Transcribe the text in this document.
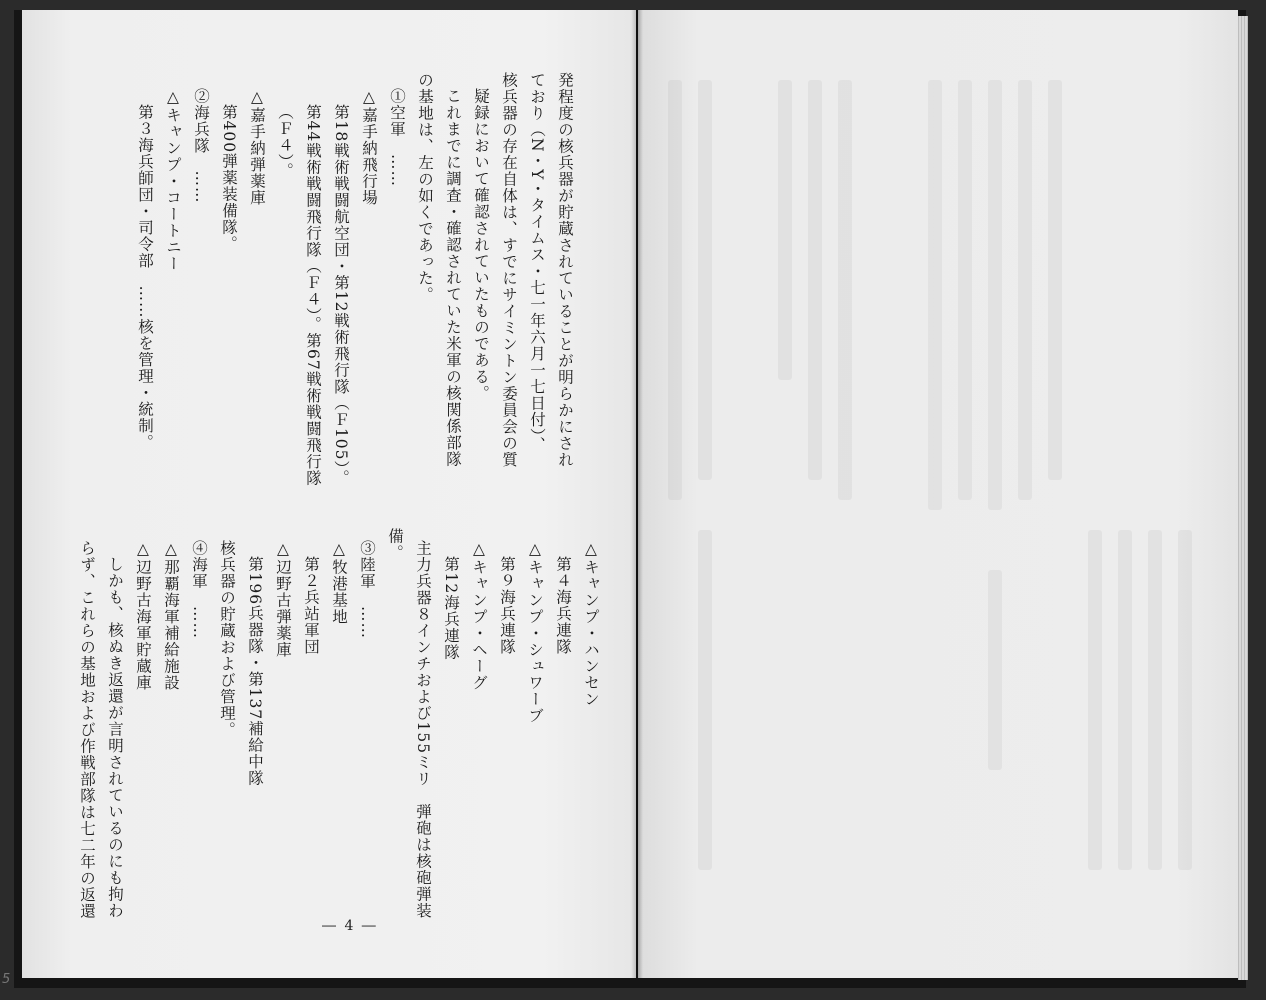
発程度の核兵器が貯蔵されていることが明らかにされ
ており（N・Y・タイムス・七一年六月一七日付）、
核兵器の存在自体は、すでにサイミントン委員会の質
疑録において確認されていたものである。
これまでに調査・確認されていた米軍の核関係部隊
の基地は、左の如くであった。
①空軍　……
△嘉手納飛行場
第18戦術戦闘航空団・第12戦術飛行隊（Ｆ105）。
第44戦術戦闘飛行隊（Ｆ４）。第67戦術戦闘飛行隊
（Ｆ４）。
△嘉手納弾薬庫
第400弾薬装備隊。
②海兵隊　……
△キャンプ・コートニー
第３海兵師団・司令部　……核を管理・統制。
△キャンプ・ハンセン
第４海兵連隊
△キャンプ・シュワーブ
第９海兵連隊
△キャンプ・ヘーグ
第12海兵連隊
主力兵器８インチおよび155ミリ　弾砲は核砲弾装
備。
③陸軍　……
△牧港基地
第２兵站軍団
△辺野古弾薬庫
第196兵器隊・第137補給中隊
核兵器の貯蔵および管理。
④海軍　……
△那覇海軍補給施設
△辺野古海軍貯蔵庫
しかも、核ぬき返還が言明されているのにも拘わ
らず、これらの基地および作戦部隊は七二年の返還
― 4 ―
5
